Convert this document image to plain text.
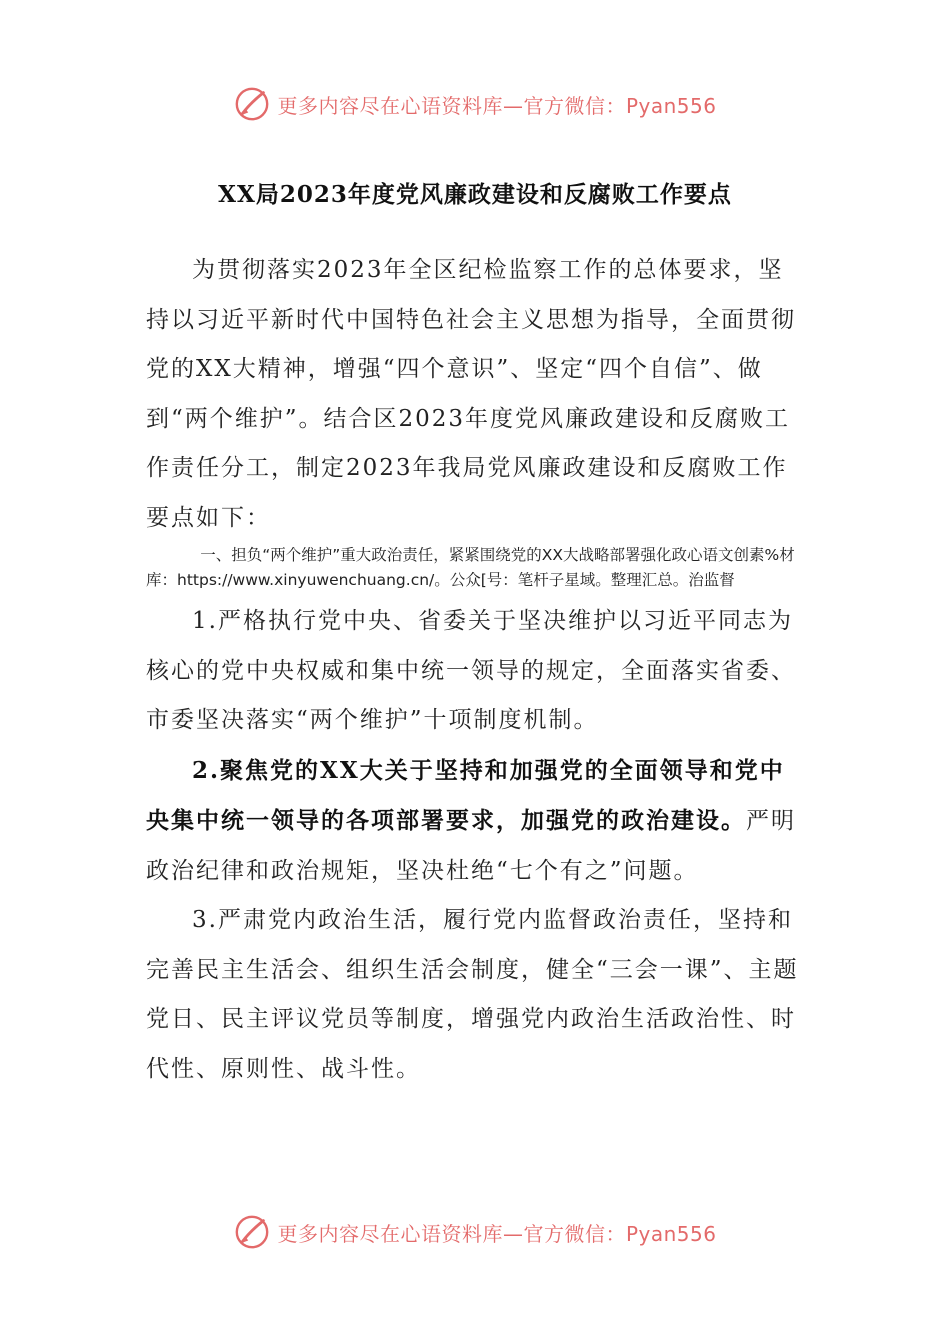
更多内容尽在心语资料库—官方微信：Pyan556
XX局2023年度党风廉政建设和反腐败工作要点

为贯彻落实2023年全区纪检监察工作的总体要求，坚持以习近平新时代中国特色社会主义思想为指导，全面贯彻党的XX大精神，增强“四个意识”、坚定“四个自信”、做到“两个维护”。结合区2023年度党风廉政建设和反腐败工作责任分工，制定2023年我局党风廉政建设和反腐败工作要点如下：

一、担负“两个维护”重大政治责任，紧紧围绕党的XX大战略部署强化政心语文创素%材库：https://www.xinyuwenchuang.cn/。公众[号：笔杆子星域。整理汇总。治监督

1.严格执行党中央、省委关于坚决维护以习近平同志为核心的党中央权威和集中统一领导的规定，全面落实省委、市委坚决落实“两个维护”十项制度机制。

2.聚焦党的XX大关于坚持和加强党的全面领导和党中央集中统一领导的各项部署要求，加强党的政治建设。严明政治纪律和政治规矩，坚决杜绝“七个有之”问题。

3.严肃党内政治生活，履行党内监督政治责任，坚持和完善民主生活会、组织生活会制度，健全“三会一课”、主题党日、民主评议党员等制度，增强党内政治生活政治性、时代性、原则性、战斗性。

更多内容尽在心语资料库—官方微信：Pyan556
